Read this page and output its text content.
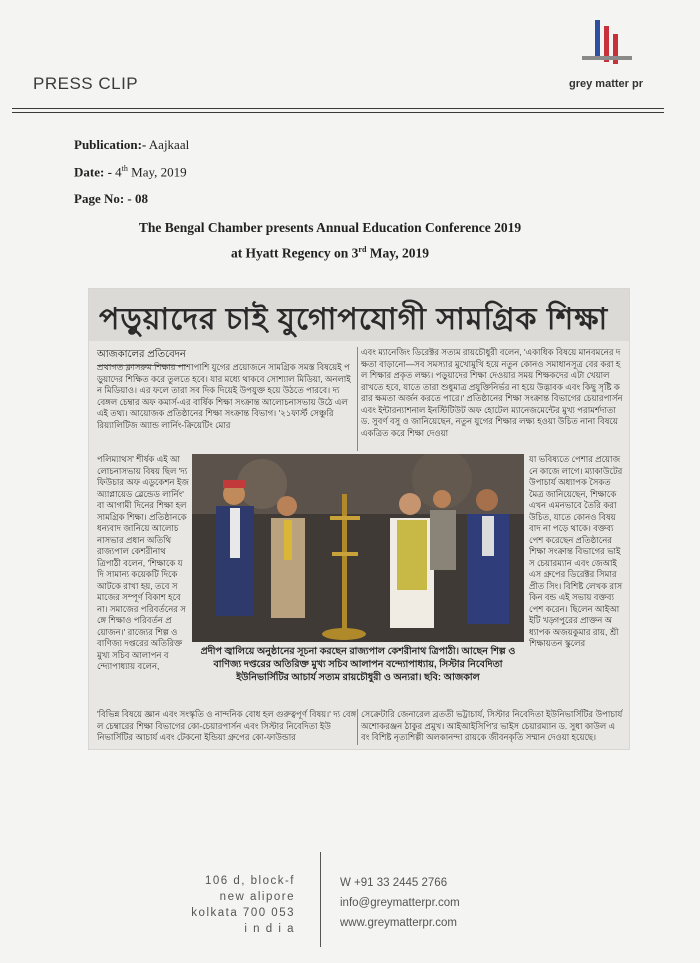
PRESS CLIP	grey matter pr
Publication:- Aajkaal
Date: - 4th May, 2019
Page No: - 08
The Bengal Chamber presents Annual Education Conference 2019
at Hyatt Regency on 3rd May, 2019
পড়ুয়াদের চাই যুগোপযোগী সামগ্রিক শিক্ষা
আজকালের প্রতিবেদন
প্রথাগত ক্লাসরুম শিক্ষার পাশাপাশি যুগের প্রয়োজনে সামগ্রিক সমস্ত বিষয়েই পড়ুয়াদের শিক্ষিত করে তুলতে হবে। যার মধ্যে থাকবে সোশ্যাল মিডিয়া, অনলাইন মিডিয়াও। এর ফলে তারা সব দিক দিয়েই উপযুক্ত হয়ে উঠতে পারবে। দ্য বেঙ্গল চেম্বার অফ কমার্স-এর বার্ষিক শিক্ষা সংক্রান্ত আলোচনাসভায় উঠে এল এই তথ্য। আয়োজক প্রতিষ্ঠানের শিক্ষা সংক্রান্ত বিভাগ। '২১ফার্স্ট সেঞ্চুরি রিয়্যালিটিজ অ্যান্ড লার্নিং-ক্রিয়েটিং মোর
পলিম্যাথস' শীর্ষক এই আলোচনাসভায় বিষয় ছিল 'দ্য ফিউচার অফ এডুকেশন ইজ অ্যাপ্লায়েড ব্লেন্ডেড লার্নিং' বা আগামী দিনের শিক্ষা হল সামগ্রিক শিক্ষা। প্রতিষ্ঠানকে ধন্যবাদ জানিয়ে আলোচনাসভার প্রধান অতিথি রাজ্যপাল কেশরীনাথ ত্রিপাঠী বলেন, 'শিক্ষাকে যদি সামান্য কয়েকটি দিকে আটকে রাখা হয়, তবে সমাজের সম্পূর্ণ বিকাশ হবে না। সমাজের পরিবর্তনের সঙ্গে শিক্ষাও পরিবর্তন প্রয়োজন।' রাজ্যের শিল্প ও বাণিজ্য দপ্তরের অতিরিক্ত মুখ্য সচিব আলাপন বন্দ্যোপাধ্যায় বলেন,
'বিভিন্ন বিষয়ে জ্ঞান এবং সংস্কৃতি ও নান্দনিক বোধ হল গুরুত্বপূর্ণ বিষয়।' দ্য বেঙ্গল চেম্বারের শিক্ষা বিভাগের কো-চেয়ারপার্সন এবং সিস্টার নিবেদিতা ইউনিভার্সিটির আচার্য এবং টেকনো ইন্ডিয়া গ্রুপের কো-ফাউন্ডার
এবং ম্যানেজিং ডিরেক্টর সত্যম রায়চৌধুরী বলেন, 'একাধিক বিষয়ে মানবমনের দক্ষতা বাড়ানো—সব সমস্যার মুখোমুখি হয়ে নতুন কোনও সমাধানসূত্র বের করা হল শিক্ষার প্রকৃত লক্ষ্য। পড়ুয়াদের শিক্ষা দেওয়ার সময় শিক্ষকদের এটা খেয়াল রাখতে হবে, যাতে তারা শুধুমাত্র প্রযুক্তিনির্ভর না হয়ে উদ্ভাবক এবং কিছু সৃষ্টি করার ক্ষমতা অর্জন করতে পারে।' প্রতিষ্ঠানের শিক্ষা সংক্রান্ত বিভাগের চেয়ারপার্সন এবং ইন্টারন্যাশনাল ইনস্টিটিউট অফ হোটেল ম্যানেজমেন্টের মুখ্য পরামর্শদাতা ড. সুবর্ণ বসু ও জানিয়েছেন, নতুন যুগের শিক্ষার লক্ষ্য হওয়া উচিত নানা বিষয়ে একত্রিত করে শিক্ষা দেওয়া
যা ভবিষ্যতে পেশার প্রয়োজনে কাজে লাগে। ম্যাকাউটের উপাচার্য অধ্যাপক সৈকত মৈত্র জানিয়েছেন, শিক্ষাকে এখন এমনভাবে তৈরি করা উচিত, যাতে কোনও বিষয় বাদ না পড়ে থাকে। বক্তব্য পেশ করেছেন প্রতিষ্ঠানের শিক্ষা সংক্রান্ত বিভাগের ভাইস চেয়ারম্যান এবং জেআইএস গ্রুপের ডিরেক্টর সিমারপ্রীত সিং। বিশিষ্ট লেখক রাসকিন বন্ড এই সভায় বক্তব্য পেশ করেন। ছিলেন আইআইটি খড়্গপুরের প্রাক্তন অধ্যাপক অজয়কুমার রায়, শ্রী শিক্ষায়তন স্কুলের
সেক্রেটারি জেনারেল ব্রততী ভট্টাচার্য, সিস্টার নিবেদিতা ইউনিভার্সিটির উপাচার্য অশোকরঞ্জন ঠাকুর প্রমুখ। আইআইসিপি'র ভাইস চেয়ারম্যান ড. সুধা কাউল এবং বিশিষ্ট নৃত্যশিল্পী অলকানন্দা রায়কে জীবনকৃতি সম্মান দেওয়া হয়েছে।
প্রদীপ জ্বালিয়ে অনুষ্ঠানের সূচনা করছেন রাজ্যপাল কেশরীনাথ ত্রিপাঠী। আছেন শিল্প ও বাণিজ্য দপ্তরের অতিরিক্ত মুখ্য সচিব আলাপন বন্দ্যোপাধ্যায়, সিস্টার নিবেদিতা ইউনিভার্সিটির আচার্য সত্যম রায়চৌধুরী ও অন্যরা। ছবি: আজকাল
106 d, block-f
new alipore
kolkata 700 053
i n d i a
W +91 33 2445 2766
info@greymatterpr.com
www.greymatterpr.com
